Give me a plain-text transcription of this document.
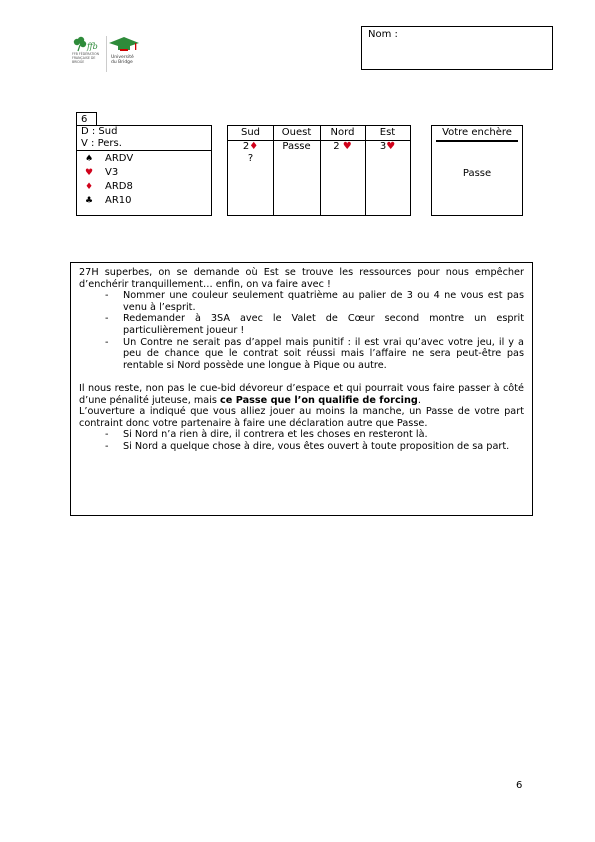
ffb
FFB FÉDÉRATION FRANÇAISE DE BRIDGE
Université
du Bridge
Nom :
6
D : Sud
V : Pers.
♠ ARDV
♥ V3
♦ ARD8
♣ AR10
Sud	Ouest	Nord	Est
2♦	Passe	2 ♥	3♥
?
Votre enchère
Passe

27H superbes, on se demande où Est se trouve les ressources pour nous empêcher d’enchérir tranquillement… enfin, on va faire avec !

- Nommer une couleur seulement quatrième au palier de 3 ou 4 ne vous est pas venu à l’esprit.
- Redemander à 3SA avec le Valet de Cœur second montre un esprit particulièrement joueur !
- Un Contre ne serait pas d’appel mais punitif : il est vrai qu’avec votre jeu, il y a peu de chance que le contrat soit réussi mais l’affaire ne sera peut-être pas rentable si Nord possède une longue à Pique ou autre.

Il nous reste, non pas le cue-bid dévoreur d’espace et qui pourrait vous faire passer à côté d’une pénalité juteuse, mais ce Passe que l’on qualifie de forcing.

L’ouverture a indiqué que vous alliez jouer au moins la manche, un Passe de votre part contraint donc votre partenaire à faire une déclaration autre que Passe.

- Si Nord n’a rien à dire, il contrera et les choses en resteront là.
- Si Nord a quelque chose à dire, vous êtes ouvert à toute proposition de sa part.
6
